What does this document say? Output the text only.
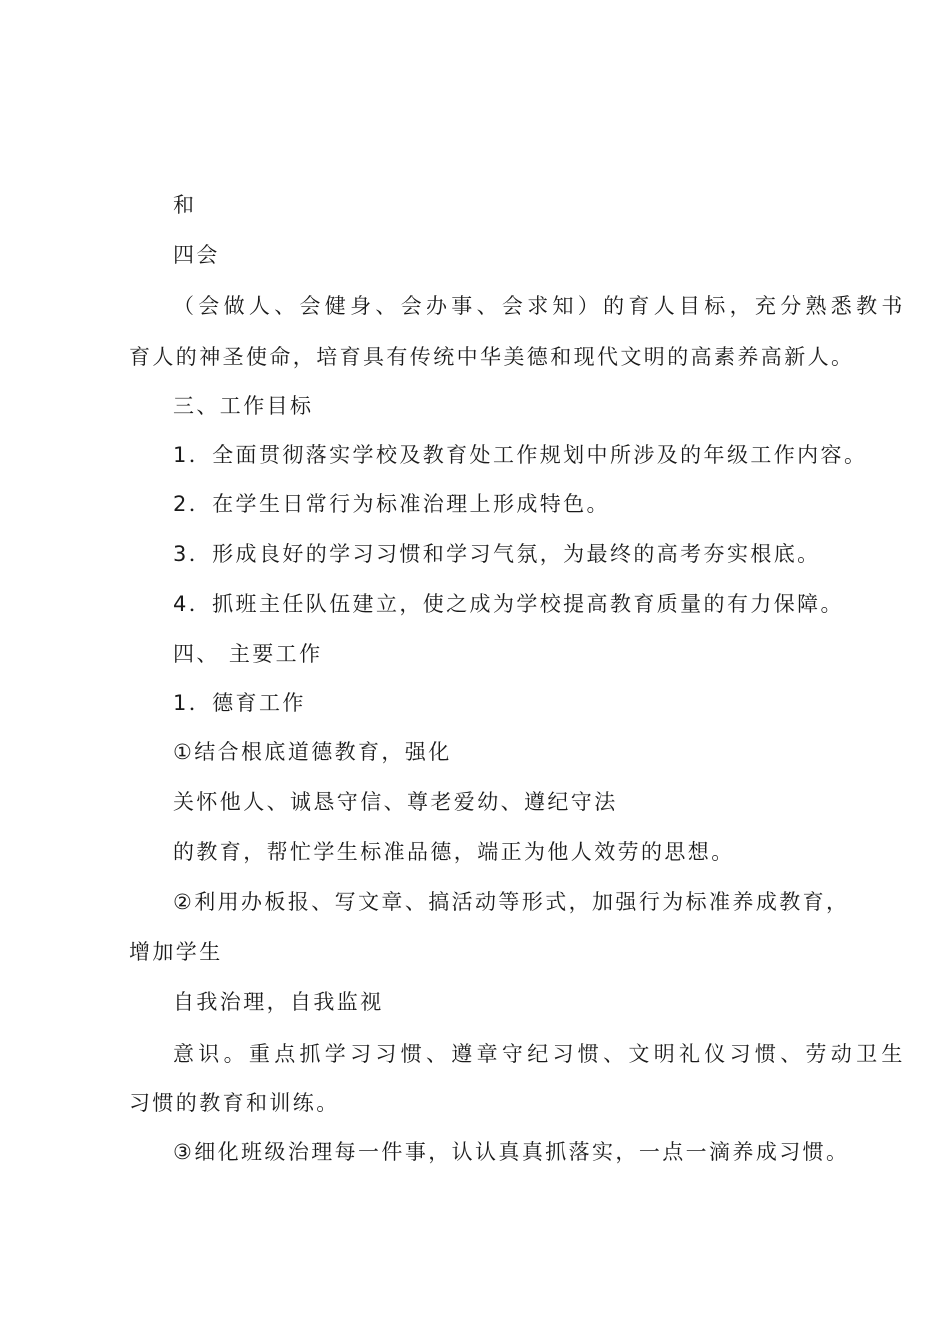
和
四会
（会做人、会健身、会办事、会求知）的育人目标，充分熟悉教书
育人的神圣使命，培育具有传统中华美德和现代文明的高素养高新人。
三、工作目标
1．全面贯彻落实学校及教育处工作规划中所涉及的年级工作内容。
2．在学生日常行为标准治理上形成特色。
3．形成良好的学习习惯和学习气氛，为最终的高考夯实根底。
4．抓班主任队伍建立，使之成为学校提高教育质量的有力保障。
四、 主要工作
1．德育工作
①结合根底道德教育，强化
关怀他人、诚恳守信、尊老爱幼、遵纪守法
的教育，帮忙学生标准品德，端正为他人效劳的思想。
②利用办板报、写文章、搞活动等形式，加强行为标准养成教育，
增加学生
自我治理，自我监视
意识。重点抓学习习惯、遵章守纪习惯、文明礼仪习惯、劳动卫生
习惯的教育和训练。
③细化班级治理每一件事，认认真真抓落实，一点一滴养成习惯。
